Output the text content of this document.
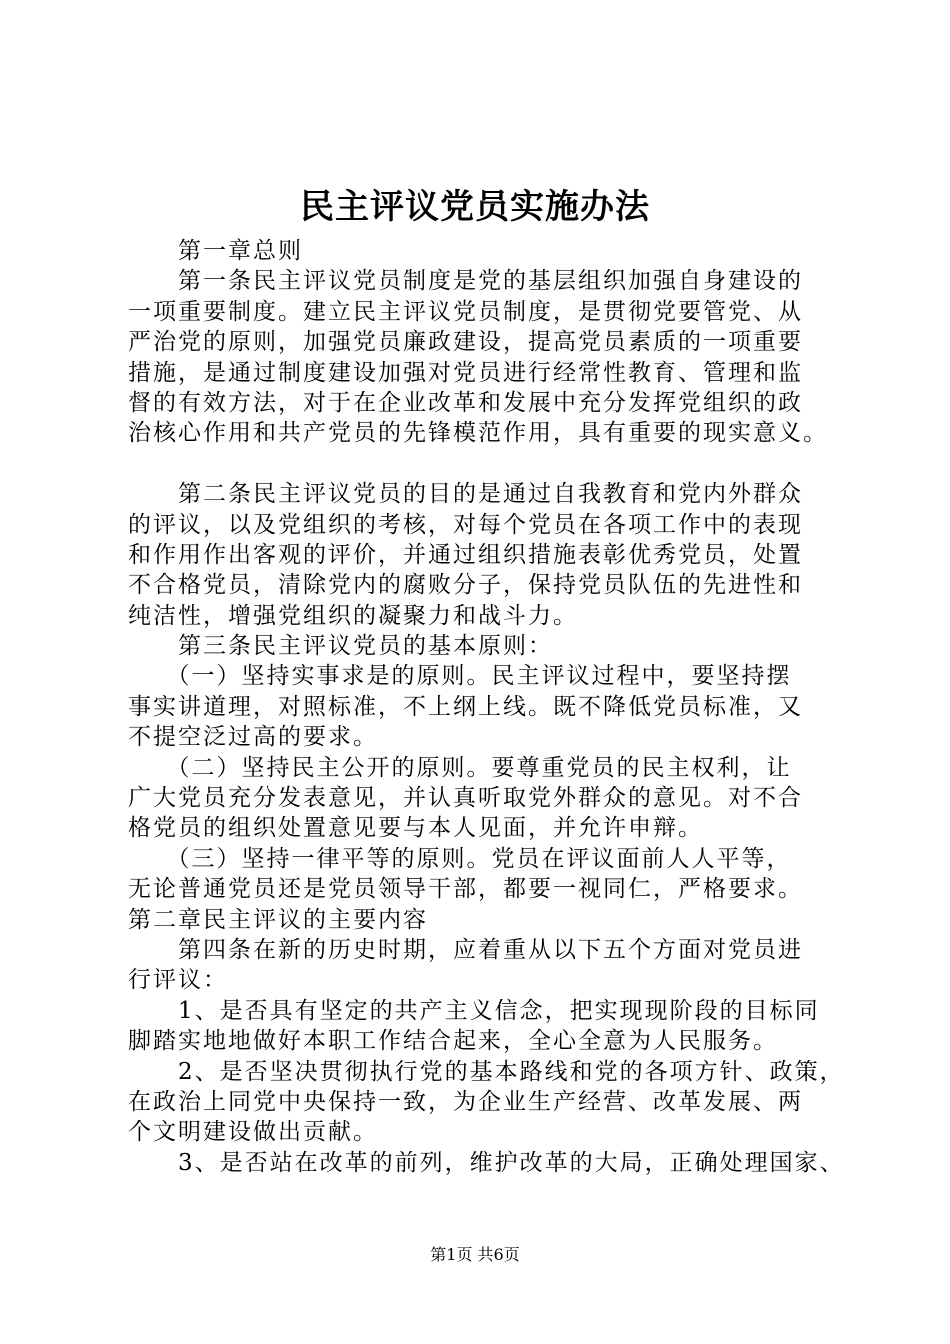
民主评议党员实施办法
　　第一章总则
　　第一条民主评议党员制度是党的基层组织加强自身建设的
一项重要制度。建立民主评议党员制度，是贯彻党要管党、从
严治党的原则，加强党员廉政建设，提高党员素质的一项重要
措施，是通过制度建设加强对党员进行经常性教育、管理和监
督的有效方法，对于在企业改革和发展中充分发挥党组织的政
治核心作用和共产党员的先锋模范作用，具有重要的现实意义。
　　第二条民主评议党员的目的是通过自我教育和党内外群众
的评议，以及党组织的考核，对每个党员在各项工作中的表现
和作用作出客观的评价，并通过组织措施表彰优秀党员，处置
不合格党员，清除党内的腐败分子，保持党员队伍的先进性和
纯洁性，增强党组织的凝聚力和战斗力。
　　第三条民主评议党员的基本原则：
　　（一）坚持实事求是的原则。民主评议过程中，要坚持摆
事实讲道理，对照标准，不上纲上线。既不降低党员标准，又
不提空泛过高的要求。
　　（二）坚持民主公开的原则。要尊重党员的民主权利，让
广大党员充分发表意见，并认真听取党外群众的意见。对不合
格党员的组织处置意见要与本人见面，并允许申辩。
　　（三）坚持一律平等的原则。党员在评议面前人人平等，
无论普通党员还是党员领导干部，都要一视同仁，严格要求。
第二章民主评议的主要内容
　　第四条在新的历史时期，应着重从以下五个方面对党员进
行评议：
　　1、是否具有坚定的共产主义信念，把实现现阶段的目标同
脚踏实地地做好本职工作结合起来，全心全意为人民服务。
　　2、是否坚决贯彻执行党的基本路线和党的各项方针、政策，
在政治上同党中央保持一致，为企业生产经营、改革发展、两
个文明建设做出贡献。
　　3、是否站在改革的前列，维护改革的大局，正确处理国家、
第1页 共6页
